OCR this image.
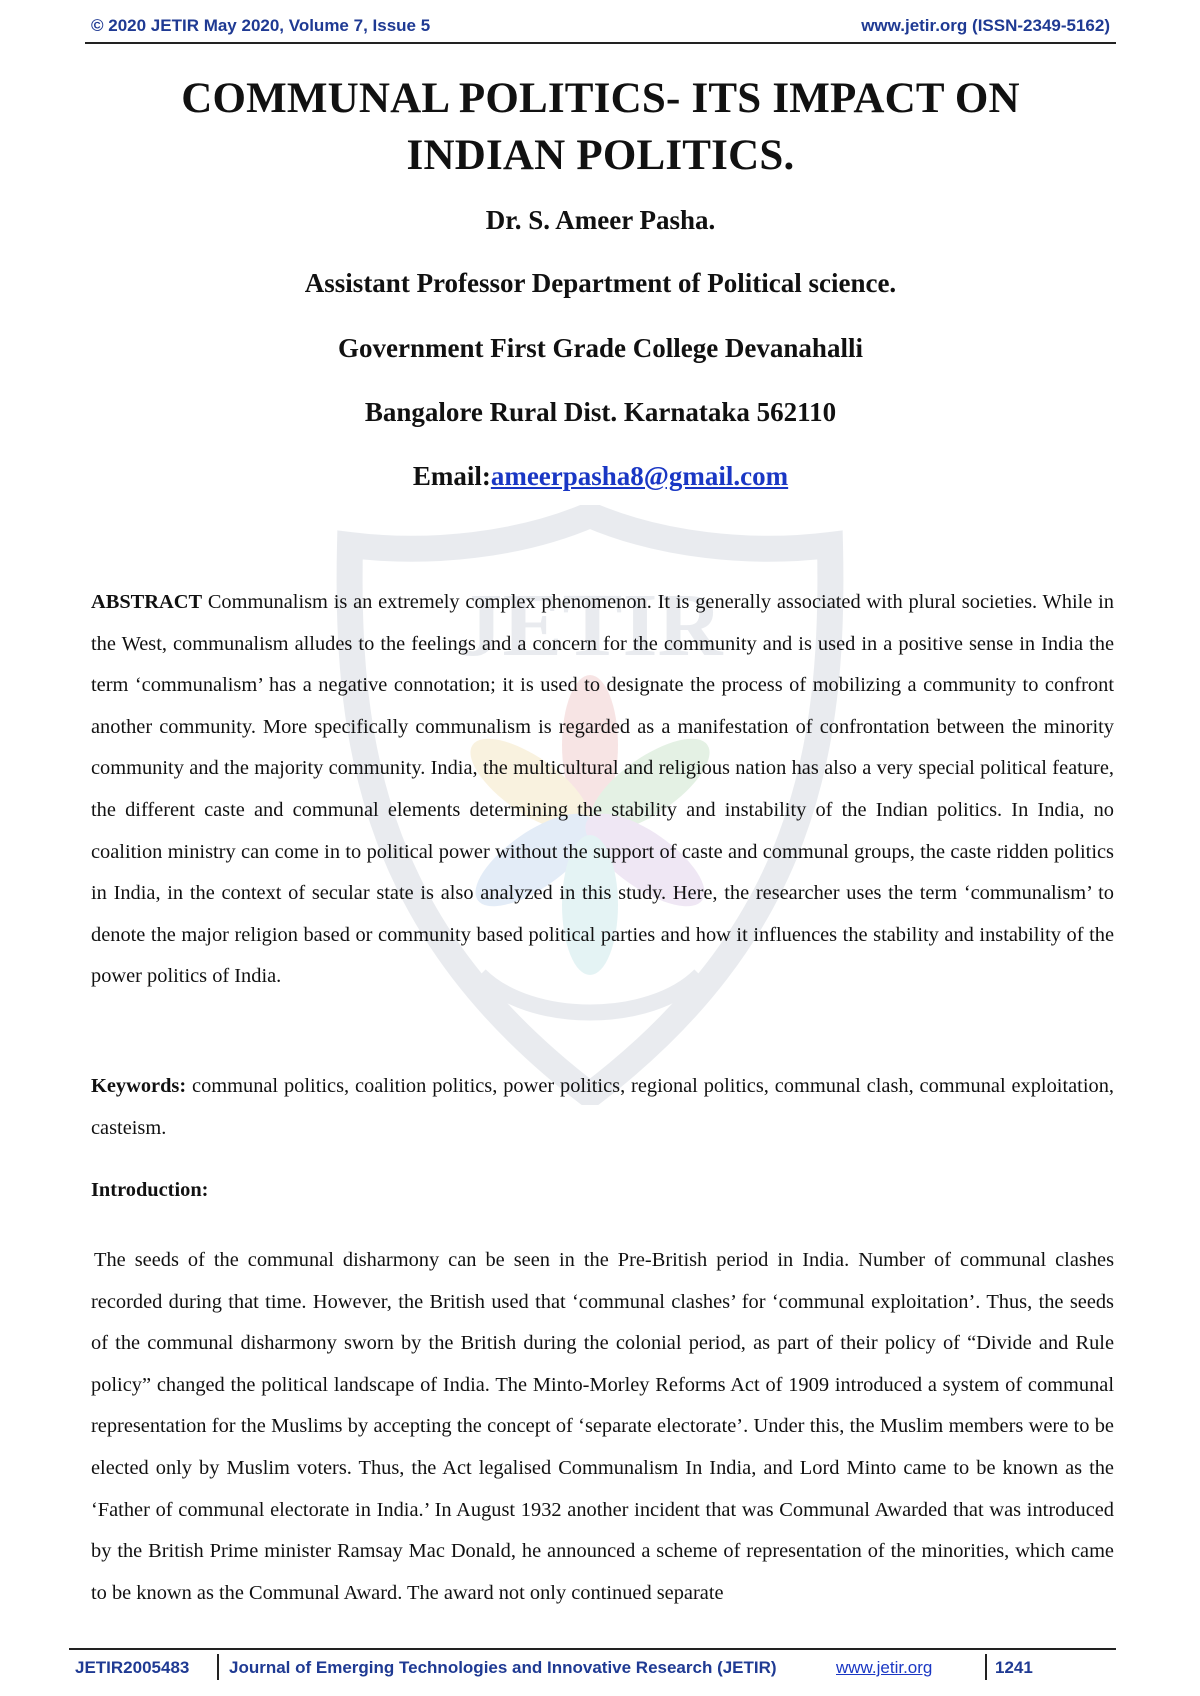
© 2020 JETIR May 2020, Volume 7, Issue 5	www.jetir.org (ISSN-2349-5162)
JETIR
COMMUNAL POLITICS- ITS IMPACT ON
INDIAN POLITICS.
Dr. S. Ameer Pasha.
Assistant Professor Department of Political science.
Government First Grade College Devanahalli
Bangalore Rural Dist. Karnataka 562110
Email:ameerpasha8@gmail.com
ABSTRACT Communalism is an extremely complex phenomenon. It is generally associated with plural societies. While in the West, communalism alludes to the feelings and a concern for the community and is used in a positive sense in India the term ‘communalism’ has a negative connotation; it is used to designate the process of mobilizing a community to confront another community. More specifically communalism is regarded as a manifestation of confrontation between the minority community and the majority community. India, the multicultural and religious nation has also a very special political feature, the different caste and communal elements determining the stability and instability of the Indian politics. In India, no coalition ministry can come in to political power without the support of caste and communal groups, the caste ridden politics in India, in the context of secular state is also analyzed in this study. Here, the researcher uses the term ‘communalism’ to denote the major religion based or community based political parties and how it influences the stability and instability of the power politics of India.
Keywords: communal politics, coalition politics, power politics, regional politics, communal clash, communal exploitation, casteism.
Introduction:
The seeds of the communal disharmony can be seen in the Pre-British period in India. Number of communal clashes recorded during that time. However, the British used that ‘communal clashes’ for ‘communal exploitation’. Thus, the seeds of the communal disharmony sworn by the British during the colonial period, as part of their policy of “Divide and Rule policy” changed the political landscape of India. The Minto-Morley Reforms Act of 1909 introduced a system of communal representation for the Muslims by accepting the concept of ‘separate electorate’. Under this, the Muslim members were to be elected only by Muslim voters. Thus, the Act legalised Communalism In India, and Lord Minto came to be known as the ‘Father of communal electorate in India.’ In August 1932 another incident that was Communal Awarded that was introduced by the British Prime minister Ramsay Mac Donald, he announced a scheme of representation of the minorities, which came to be known as the Communal Award. The award not only continued separate
JETIR2005483 Journal of Emerging Technologies and Innovative Research (JETIR)	www.jetir.org	1241
